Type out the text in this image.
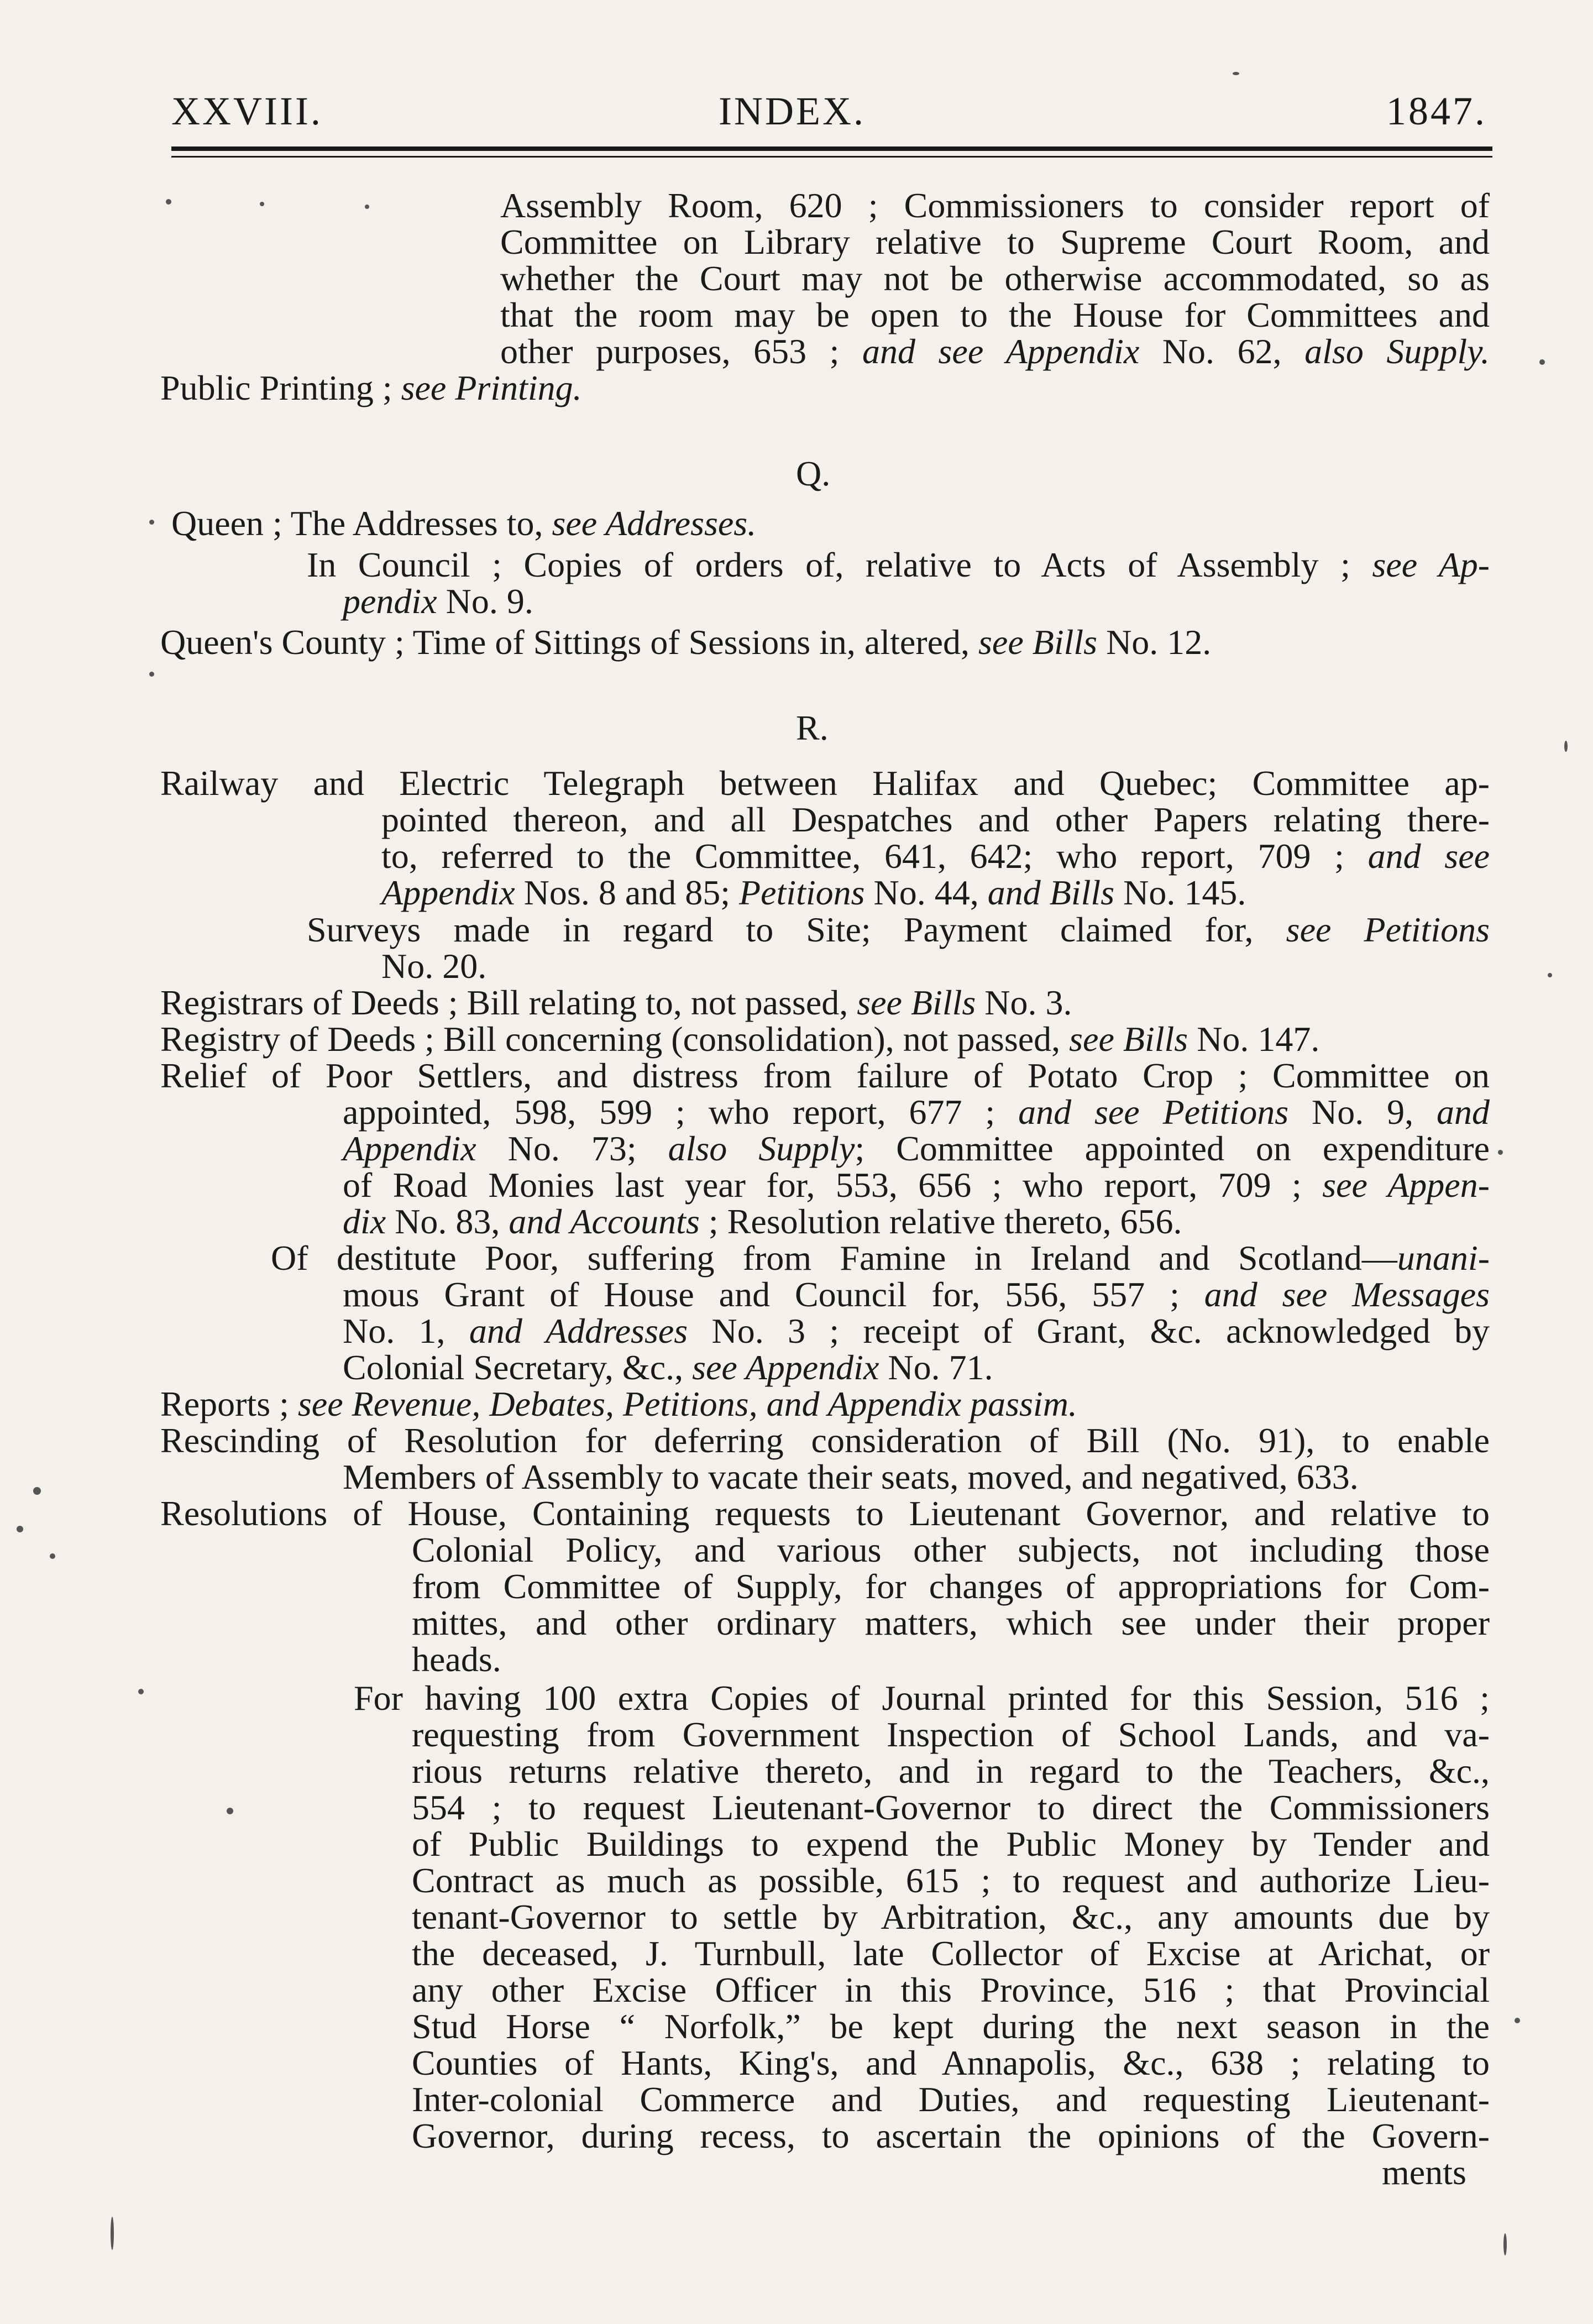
XXVIII.	INDEX.	1847.
Assembly Room, 620 ; Commissioners to consider report of
Committee on Library relative to Supreme Court Room, and
whether the Court may not be otherwise accommodated, so as
that the room may be open to the House for Committees and
other purposes, 653 ; and see Appendix No. 62, also Supply.
Public Printing ; see Printing.
Q.
Queen ; The Addresses to, see Addresses.
In Council ; Copies of orders of, relative to Acts of Assembly ; see Ap-
pendix No. 9.
Queen's County ; Time of Sittings of Sessions in, altered, see Bills No. 12.
R.
Railway and Electric Telegraph between Halifax and Quebec; Committee ap-
pointed thereon, and all Despatches and other Papers relating there-
to, referred to the Committee, 641, 642; who report, 709 ; and see
Appendix Nos. 8 and 85; Petitions No. 44, and Bills No. 145.
Surveys made in regard to Site; Payment claimed for, see Petitions
No. 20.
Registrars of Deeds ; Bill relating to, not passed, see Bills No. 3.
Registry of Deeds ; Bill concerning (consolidation), not passed, see Bills No. 147.
Relief of Poor Settlers, and distress from failure of Potato Crop ; Committee on
appointed, 598, 599 ; who report, 677 ; and see Petitions No. 9, and
Appendix No. 73; also Supply; Committee appointed on expenditure
of Road Monies last year for, 553, 656 ; who report, 709 ; see Appen-
dix No. 83, and Accounts ; Resolution relative thereto, 656.
Of destitute Poor, suffering from Famine in Ireland and Scotland—unani-
mous Grant of House and Council for, 556, 557 ; and see Messages
No. 1, and Addresses No. 3 ; receipt of Grant, &c. acknowledged by
Colonial Secretary, &c., see Appendix No. 71.
Reports ; see Revenue, Debates, Petitions, and Appendix passim.
Rescinding of Resolution for deferring consideration of Bill (No. 91), to enable
Members of Assembly to vacate their seats, moved, and negatived, 633.
Resolutions of House, Containing requests to Lieutenant Governor, and relative to
Colonial Policy, and various other subjects, not including those
from Committee of Supply, for changes of appropriations for Com-
mittes, and other ordinary matters, which see under their proper
heads.
For having 100 extra Copies of Journal printed for this Session, 516 ;
requesting from Government Inspection of School Lands, and va-
rious returns relative thereto, and in regard to the Teachers, &c.,
554 ; to request Lieutenant-Governor to direct the Commissioners
of Public Buildings to expend the Public Money by Tender and
Contract as much as possible, 615 ; to request and authorize Lieu-
tenant-Governor to settle by Arbitration, &c., any amounts due by
the deceased, J. Turnbull, late Collector of Excise at Arichat, or
any other Excise Officer in this Province, 516 ; that Provincial
Stud Horse “ Norfolk,” be kept during the next season in the
Counties of Hants, King's, and Annapolis, &c., 638 ; relating to
Inter-colonial Commerce and Duties, and requesting Lieutenant-
Governor, during recess, to ascertain the opinions of the Govern-
ments
